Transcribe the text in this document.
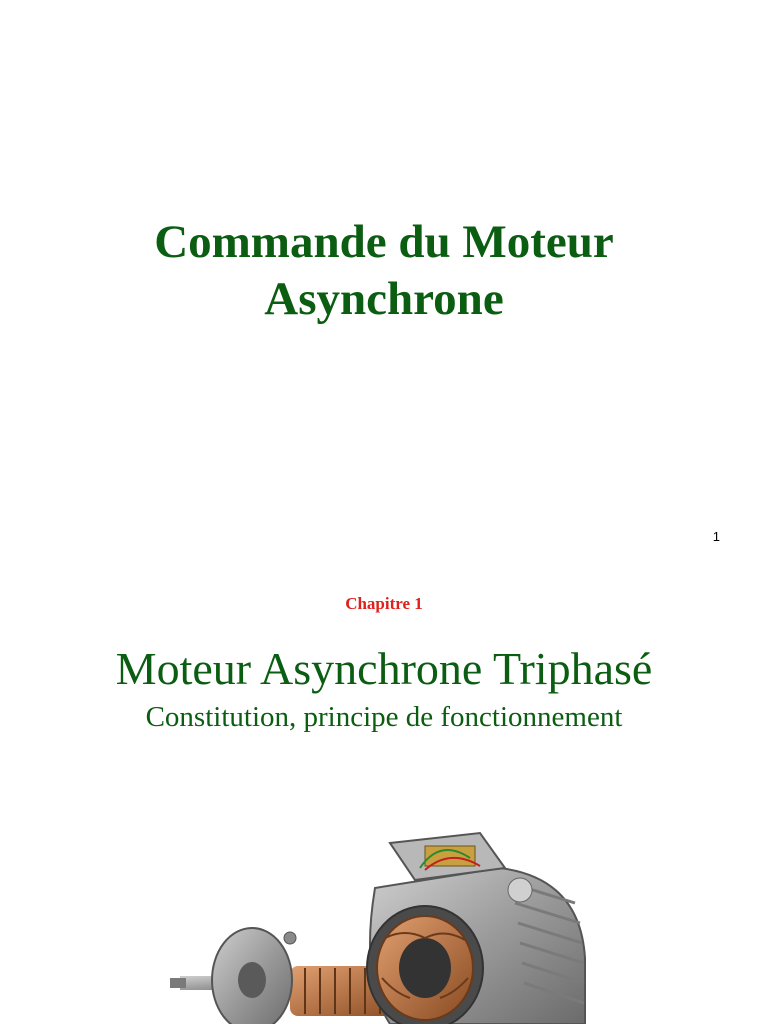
Commande du Moteur
Asynchrone
1
Chapitre 1
Moteur Asynchrone Triphasé
Constitution, principe de fonctionnement
